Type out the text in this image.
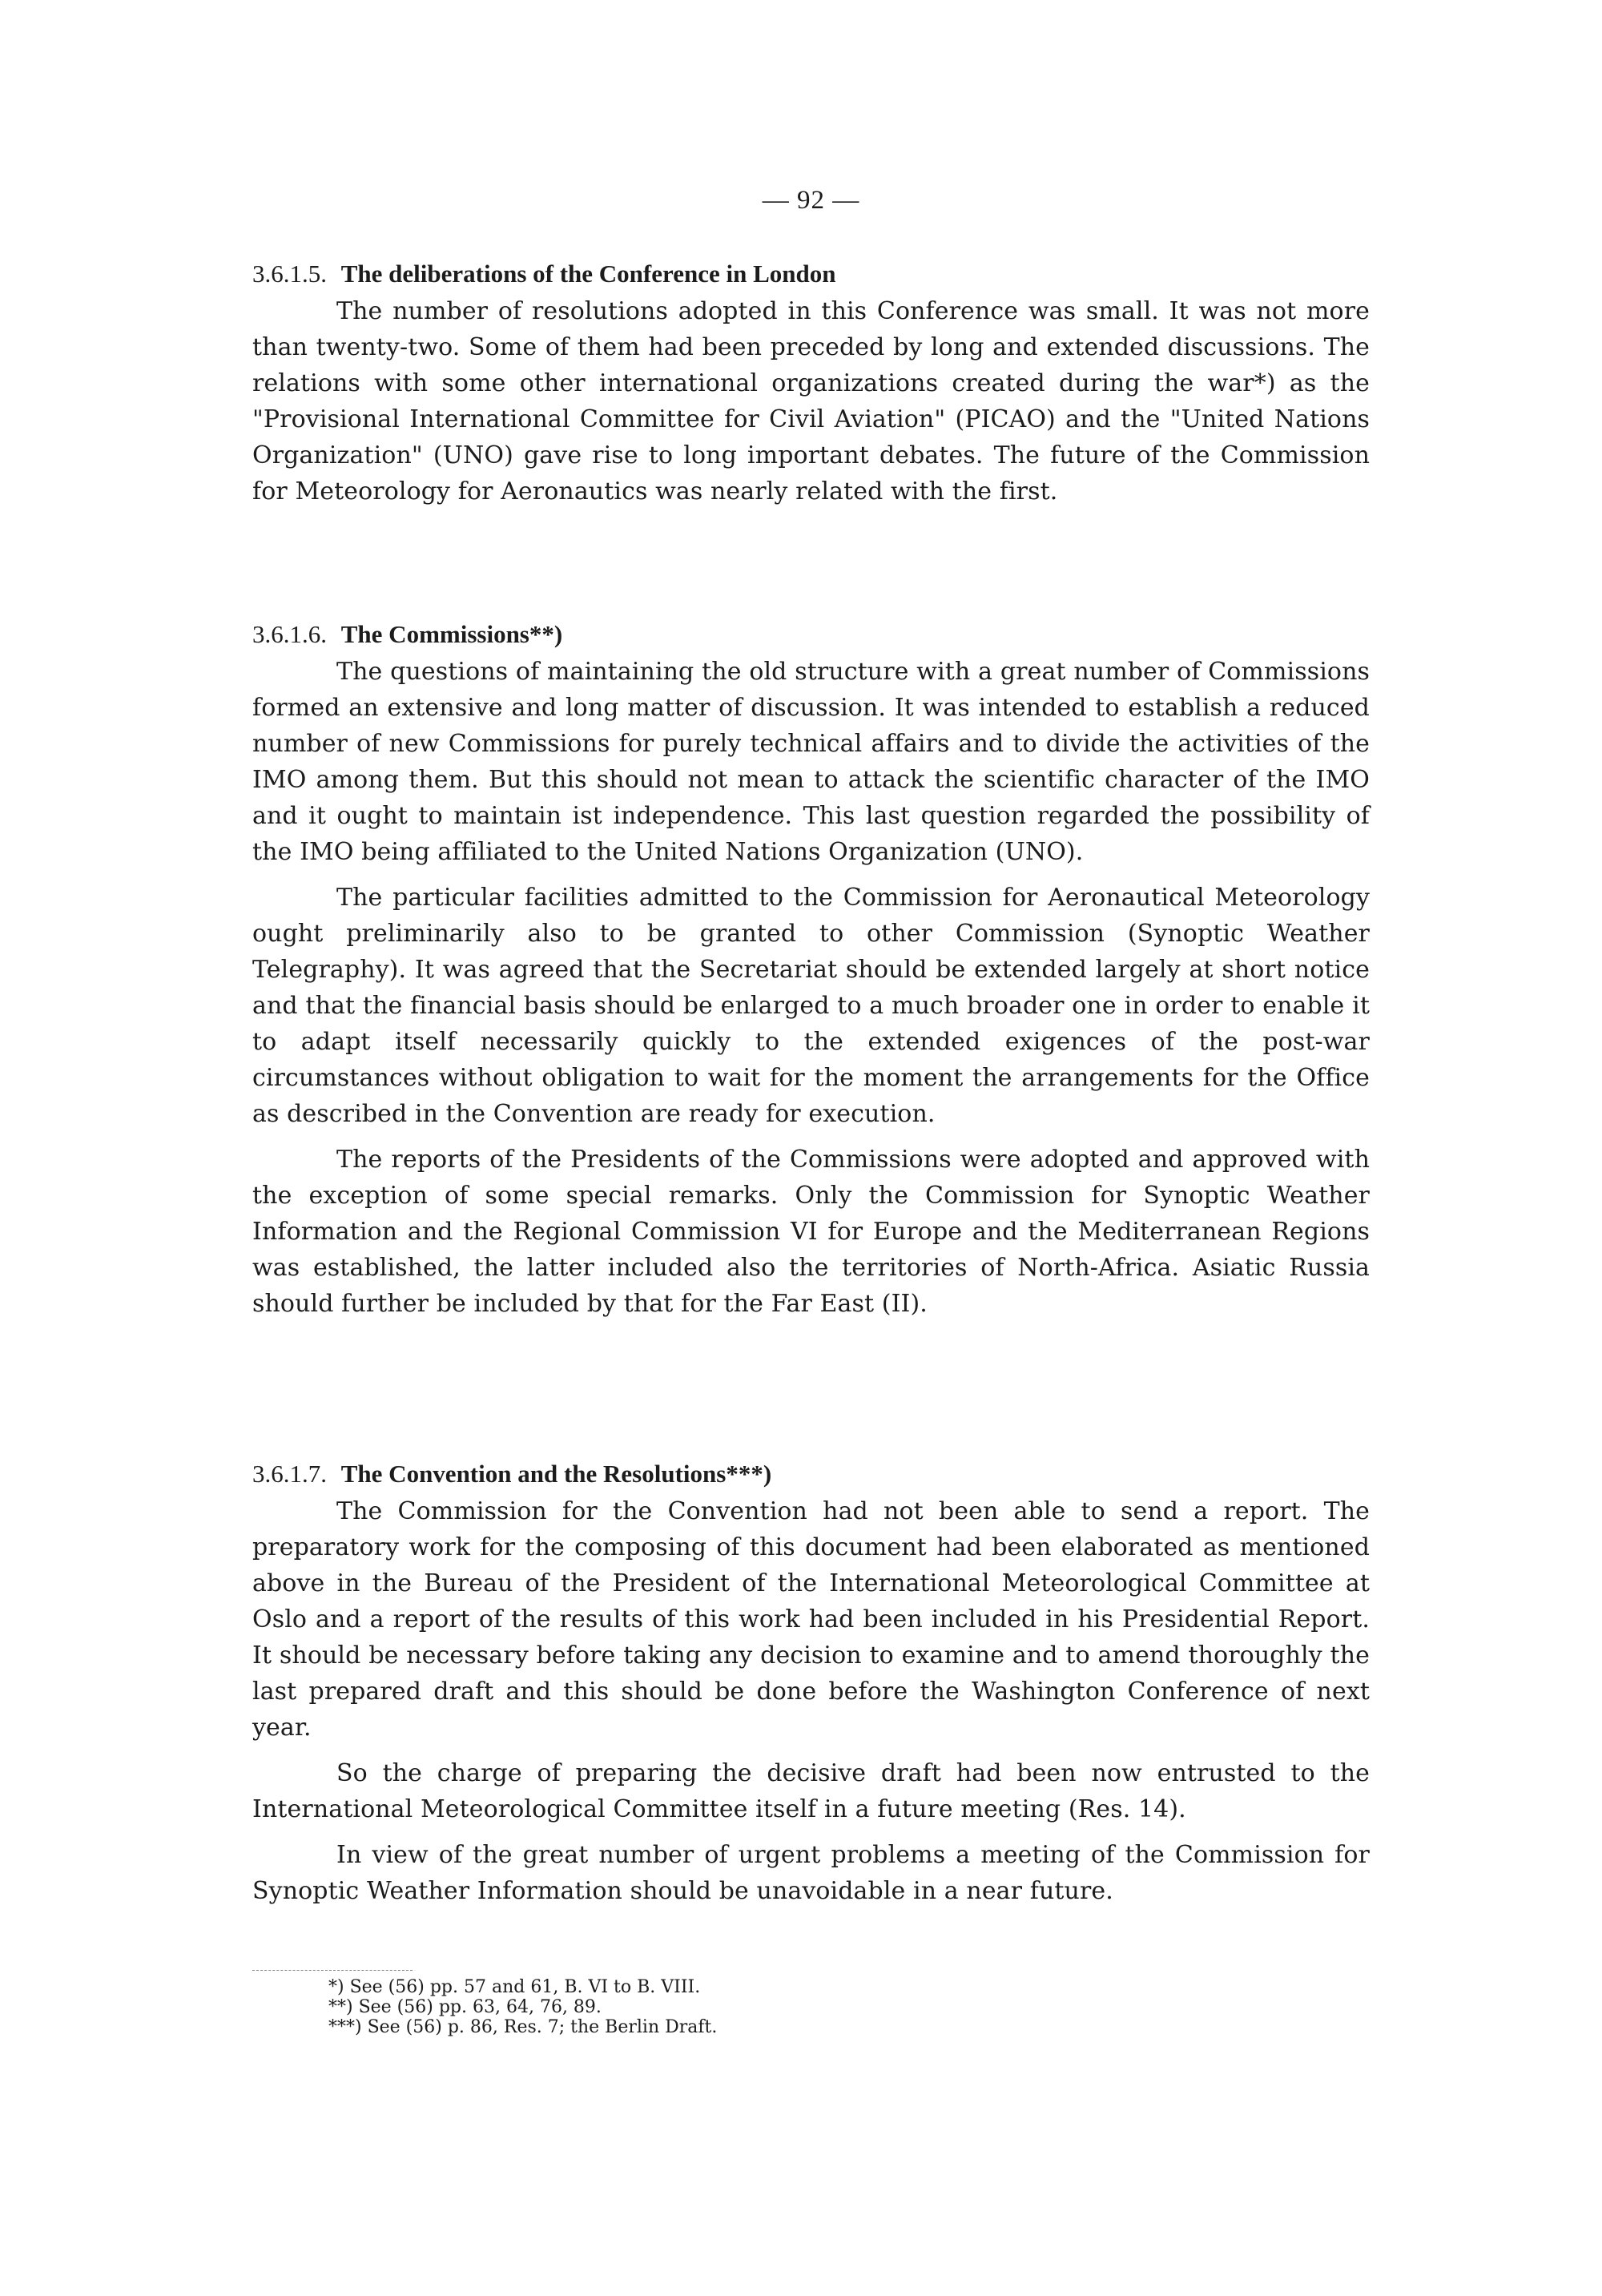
— 92 —
3.6.1.5. The deliberations of the Conference in London

The number of resolutions adopted in this Conference was small. It was not more than twenty-two. Some of them had been preceded by long and extended discussions. The relations with some other international organizations created during the war*) as the "Provisional International Committee for Civil Aviation" (PICAO) and the "United Nations Organization" (UNO) gave rise to long important debates. The future of the Commission for Meteorology for Aeronautics was nearly related with the first.

3.6.1.6. The Commissions**)

The questions of maintaining the old structure with a great number of Commissions formed an extensive and long matter of discussion. It was intended to establish a reduced number of new Commissions for purely technical affairs and to divide the activities of the IMO among them. But this should not mean to attack the scientific character of the IMO and it ought to maintain ist independence. This last question regarded the possibility of the IMO being affiliated to the United Nations Organization (UNO).

The particular facilities admitted to the Commission for Aeronautical Meteorology ought preliminarily also to be granted to other Commission (Synoptic Weather Telegraphy). It was agreed that the Secretariat should be extended largely at short notice and that the financial basis should be enlarged to a much broader one in order to enable it to adapt itself necessarily quickly to the extended exigences of the post-war circumstances without obligation to wait for the moment the arrangements for the Office as described in the Convention are ready for execution.

The reports of the Presidents of the Commissions were adopted and approved with the exception of some special remarks. Only the Commission for Synoptic Weather Information and the Regional Commission VI for Europe and the Mediterranean Regions was established, the latter included also the territories of North-Africa. Asiatic Russia should further be included by that for the Far East (II).

3.6.1.7. The Convention and the Resolutions***)

The Commission for the Convention had not been able to send a report. The preparatory work for the composing of this document had been elaborated as mentioned above in the Bureau of the President of the International Meteorological Committee at Oslo and a report of the results of this work had been included in his Presidential Report. It should be necessary before taking any decision to examine and to amend thoroughly the last prepared draft and this should be done before the Washington Conference of next year.

So the charge of preparing the decisive draft had been now entrusted to the International Meteorological Committee itself in a future meeting (Res. 14).

In view of the great number of urgent problems a meeting of the Commission for Synoptic Weather Information should be unavoidable in a near future.

*) See (56) pp. 57 and 61, B. VI to B. VIII.

**) See (56) pp. 63, 64, 76, 89.

***) See (56) p. 86, Res. 7; the Berlin Draft.
